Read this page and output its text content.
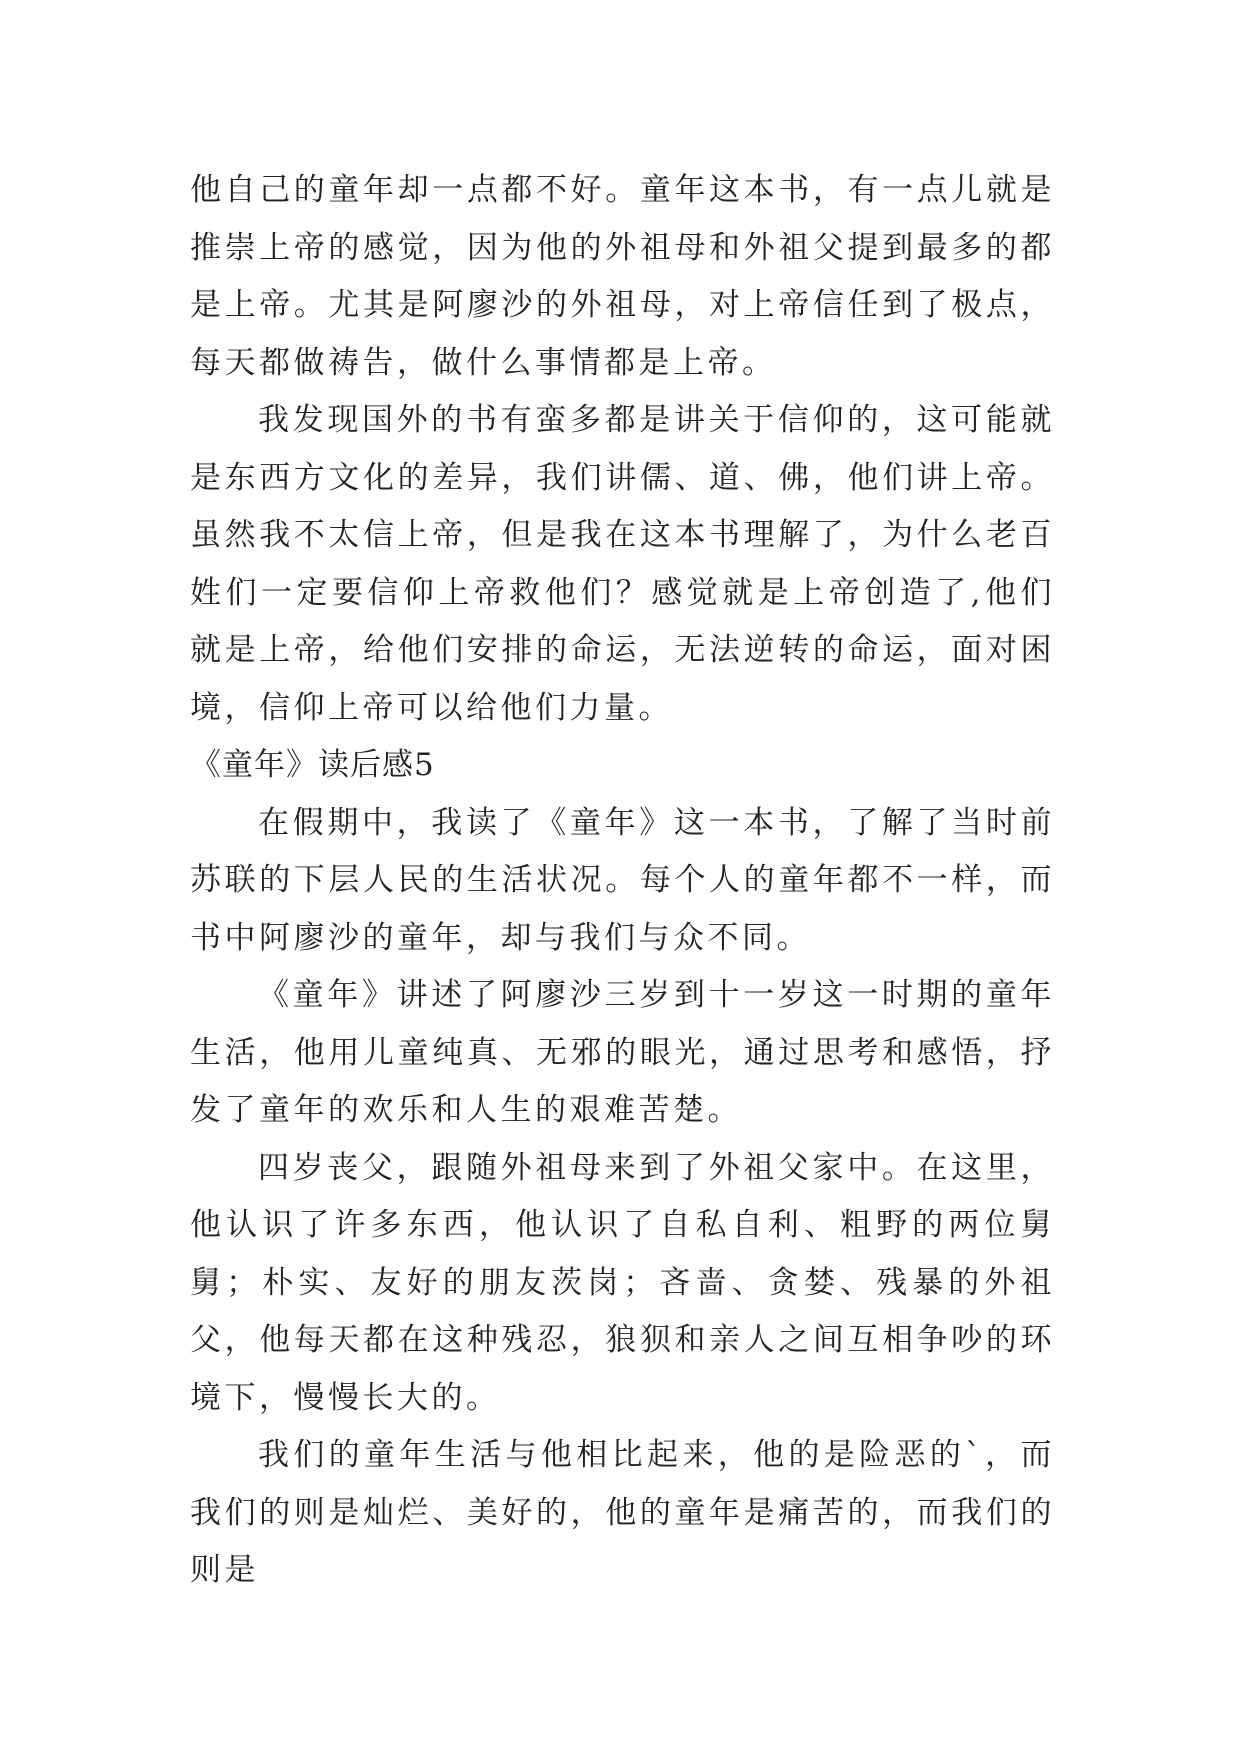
他自己的童年却一点都不好。童年这本书，有一点儿就是推崇上帝的感觉，因为他的外祖母和外祖父提到最多的都是上帝。尤其是阿廖沙的外祖母，对上帝信任到了极点，每天都做祷告，做什么事情都是上帝。

我发现国外的书有蛮多都是讲关于信仰的，这可能就是东西方文化的差异，我们讲儒、道、佛，他们讲上帝。虽然我不太信上帝，但是我在这本书理解了，为什么老百姓们一定要信仰上帝救他们？感觉就是上帝创造了,他们就是上帝，给他们安排的命运，无法逆转的命运，面对困境，信仰上帝可以给他们力量。

《童年》读后感5

在假期中，我读了《童年》这一本书，了解了当时前苏联的下层人民的生活状况。每个人的童年都不一样，而书中阿廖沙的童年，却与我们与众不同。

《童年》讲述了阿廖沙三岁到十一岁这一时期的童年生活，他用儿童纯真、无邪的眼光，通过思考和感悟，抒发了童年的欢乐和人生的艰难苦楚。

四岁丧父，跟随外祖母来到了外祖父家中。在这里，他认识了许多东西，他认识了自私自利、粗野的两位舅舅；朴实、友好的朋友茨岗；吝啬、贪婪、残暴的外祖父，他每天都在这种残忍，狼狈和亲人之间互相争吵的环境下，慢慢长大的。

我们的童年生活与他相比起来，他的是险恶的`，而我们的则是灿烂、美好的，他的童年是痛苦的，而我们的则是
